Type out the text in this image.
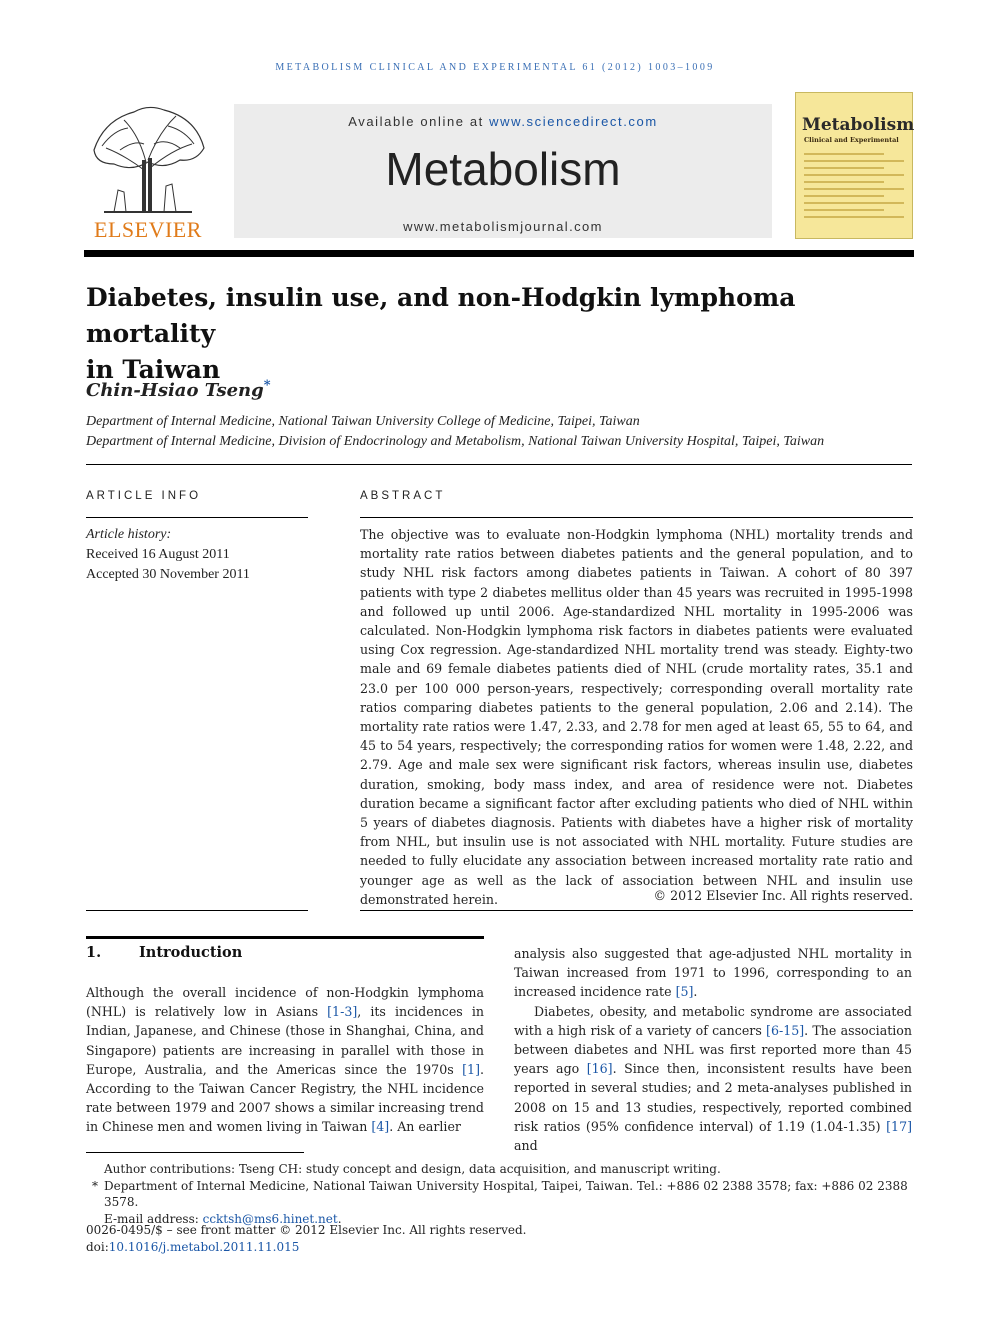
METABOLISM CLINICAL AND EXPERIMENTAL 61 (2012) 1003–1009
ELSEVIER
Available online at www.sciencedirect.com
Metabolism
www.metabolismjournal.com
Metabolism
Clinical and Experimental
Diabetes, insulin use, and non-Hodgkin lymphoma mortality
in Taiwan
Chin-Hsiao Tseng*
Department of Internal Medicine, National Taiwan University College of Medicine, Taipei, Taiwan
Department of Internal Medicine, Division of Endocrinology and Metabolism, National Taiwan University Hospital, Taipei, Taiwan
ARTICLE INFO	ABSTRACT
Article history:
Received 16 August 2011
Accepted 30 November 2011
The objective was to evaluate non-Hodgkin lymphoma (NHL) mortality trends and mortality rate ratios between diabetes patients and the general population, and to study NHL risk factors among diabetes patients in Taiwan. A cohort of 80 397 patients with type 2 diabetes mellitus older than 45 years was recruited in 1995-1998 and followed up until 2006. Age-standardized NHL mortality in 1995-2006 was calculated. Non-Hodgkin lymphoma risk factors in diabetes patients were evaluated using Cox regression. Age-standardized NHL mortality trend was steady. Eighty-two male and 69 female diabetes patients died of NHL (crude mortality rates, 35.1 and 23.0 per 100 000 person-years, respectively; corresponding overall mortality rate ratios comparing diabetes patients to the general population, 2.06 and 2.14). The mortality rate ratios were 1.47, 2.33, and 2.78 for men aged at least 65, 55 to 64, and 45 to 54 years, respectively; the corresponding ratios for women were 1.48, 2.22, and 2.79. Age and male sex were significant risk factors, whereas insulin use, diabetes duration, smoking, body mass index, and area of residence were not. Diabetes duration became a significant factor after excluding patients who died of NHL within 5 years of diabetes diagnosis. Patients with diabetes have a higher risk of mortality from NHL, but insulin use is not associated with NHL mortality. Future studies are needed to fully elucidate any association between increased mortality rate ratio and younger age as well as the lack of association between NHL and insulin use demonstrated herein.	© 2012 Elsevier Inc. All rights reserved.
1.	Introduction

Although the overall incidence of non-Hodgkin lymphoma (NHL) is relatively low in Asians [1-3], its incidences in Indian, Japanese, and Chinese (those in Shanghai, China, and Singapore) patients are increasing in parallel with those in Europe, Australia, and the Americas since the 1970s [1]. According to the Taiwan Cancer Registry, the NHL incidence rate between 1979 and 2007 shows a similar increasing trend in Chinese men and women living in Taiwan [4]. An earlier

analysis also suggested that age-adjusted NHL mortality in Taiwan increased from 1971 to 1996, corresponding to an increased incidence rate [5].

Diabetes, obesity, and metabolic syndrome are associated with a high risk of a variety of cancers [6-15]. The association between diabetes and NHL was first reported more than 45 years ago [16]. Since then, inconsistent results have been reported in several studies; and 2 meta-analyses published in 2008 on 15 and 13 studies, respectively, reported combined risk ratios (95% confidence interval) of 1.19 (1.04-1.35) [17] and

Author contributions: Tseng CH: study concept and design, data acquisition, and manuscript writing.
* Department of Internal Medicine, National Taiwan University Hospital, Taipei, Taiwan. Tel.: +886 02 2388 3578; fax: +886 02 2388 3578.
E-mail address: ccktsh@ms6.hinet.net.
0026-0495/$ – see front matter © 2012 Elsevier Inc. All rights reserved.
doi:10.1016/j.metabol.2011.11.015
